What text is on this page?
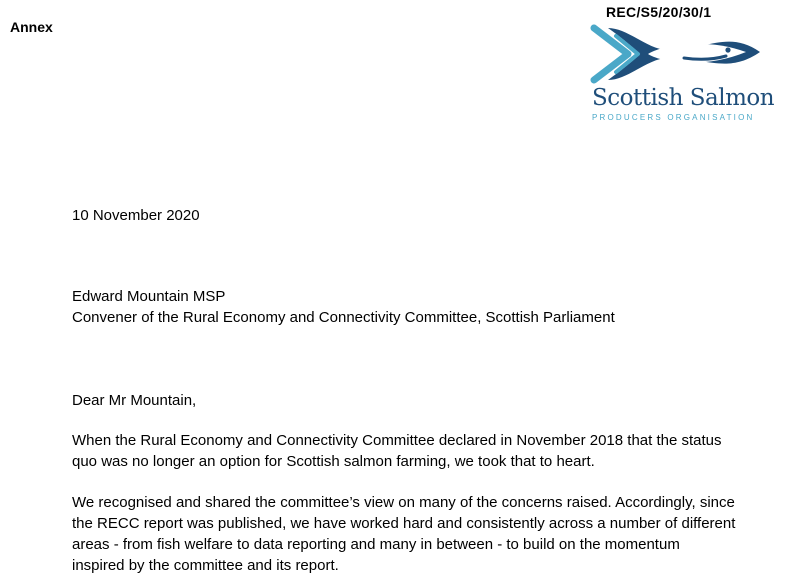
Annex
REC/S5/20/30/1
Scottish Salmon
PRODUCERS ORGANISATION
10 November 2020
Edward Mountain MSP
Convener of the Rural Economy and Connectivity Committee, Scottish Parliament
Dear Mr Mountain,
When the Rural Economy and Connectivity Committee declared in November 2018 that the status
quo was no longer an option for Scottish salmon farming, we took that to heart.
We recognised and shared the committee’s view on many of the concerns raised. Accordingly, since
the RECC report was published, we have worked hard and consistently across a number of different
areas - from fish welfare to data reporting and many in between - to build on the momentum
inspired by the committee and its report.
